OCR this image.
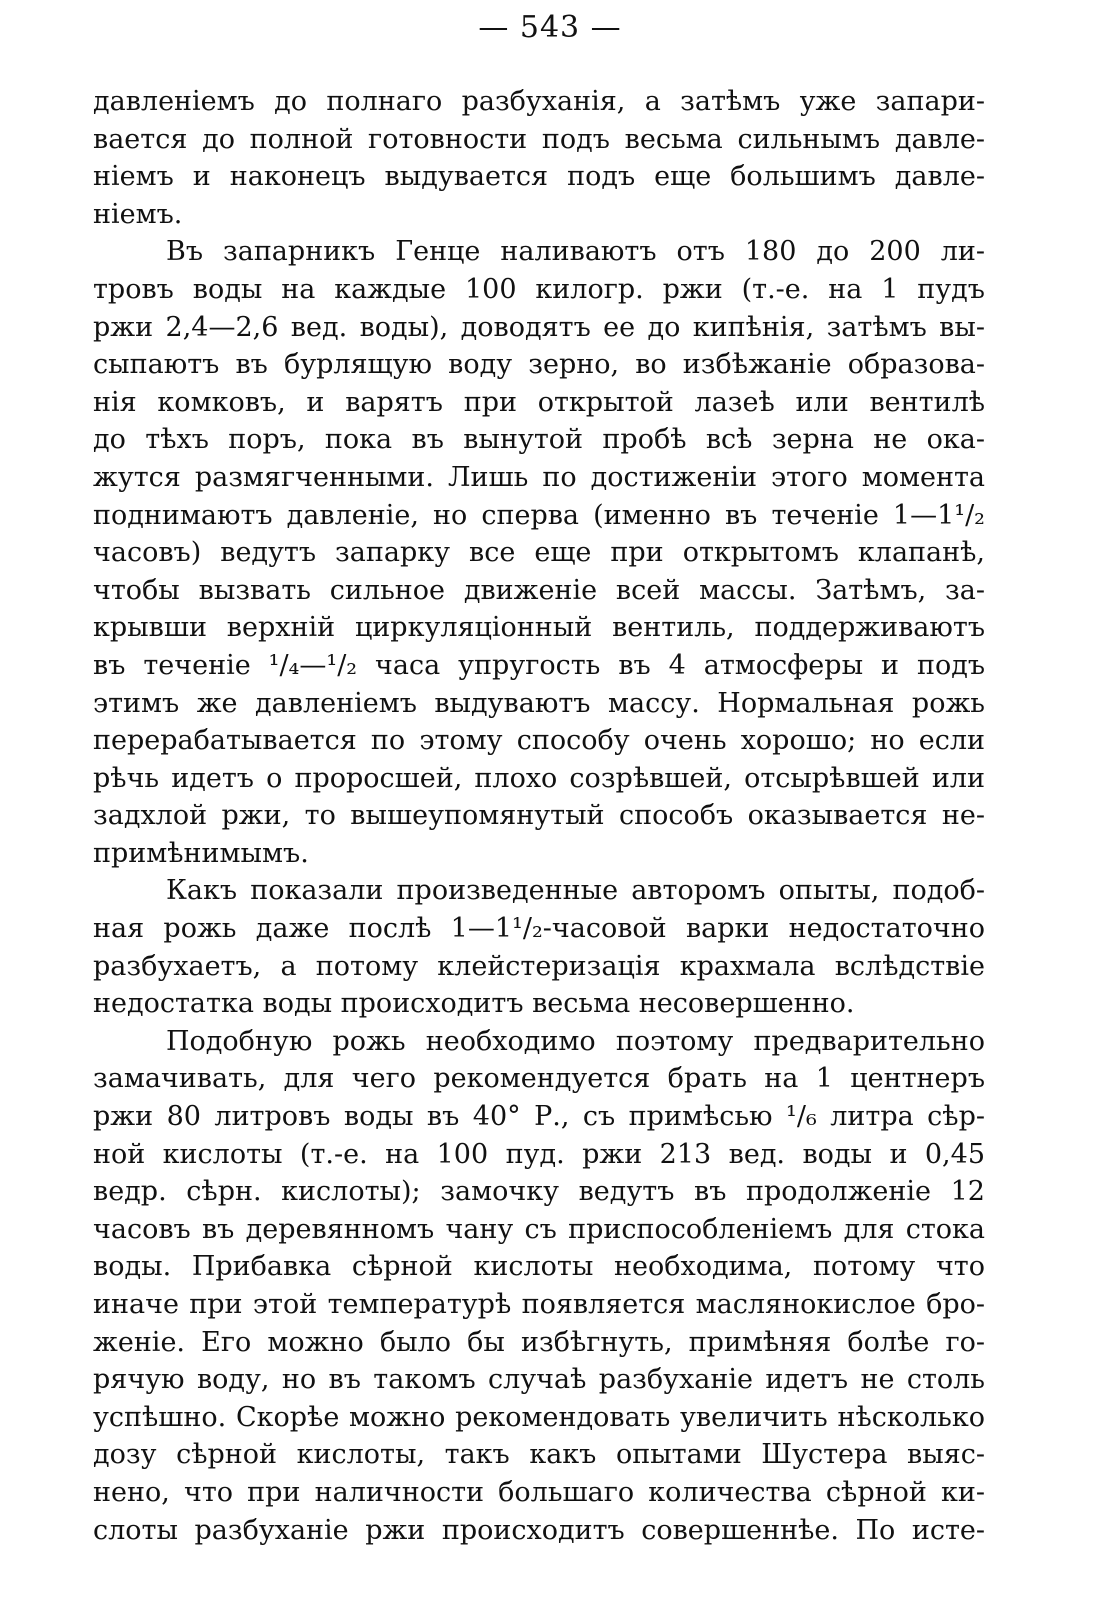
— 543 —
давленіемъ до полнаго разбуханія, а затѣмъ уже запари-
вается до полной готовности подъ весьма сильнымъ давле-
ніемъ и наконецъ выдувается подъ еще большимъ давле-
ніемъ.
Въ запарникъ Генце наливаютъ отъ 180 до 200 ли-
тровъ воды на каждые 100 килогр. ржи (т.-е. на 1 пудъ
ржи 2,4—2,6 вед. воды), доводятъ ее до кипѣнія, затѣмъ вы-
сыпаютъ въ бурлящую воду зерно, во избѣжаніе образова-
нія комковъ, и варятъ при открытой лазеѣ или вентилѣ
до тѣхъ поръ, пока въ вынутой пробѣ всѣ зерна не ока-
жутся размягченными. Лишь по достиженіи этого момента
поднимаютъ давленіе, но сперва (именно въ теченіе 1—1¹/₂
часовъ) ведутъ запарку все еще при открытомъ клапанѣ,
чтобы вызвать сильное движеніе всей массы. Затѣмъ, за-
крывши верхній циркуляціонный вентиль, поддерживаютъ
въ теченіе ¹/₄—¹/₂ часа упругость въ 4 атмосферы и подъ
этимъ же давленіемъ выдуваютъ массу. Нормальная рожь
перерабатывается по этому способу очень хорошо; но если
рѣчь идетъ о проросшей, плохо созрѣвшей, отсырѣвшей или
задхлой ржи, то вышеупомянутый способъ оказывается не-
примѣнимымъ.
Какъ показали произведенные авторомъ опыты, подоб-
ная рожь даже послѣ 1—1¹/₂-часовой варки недостаточно
разбухаетъ, а потому клейстеризація крахмала вслѣдствіе
недостатка воды происходитъ весьма несовершенно.
Подобную рожь необходимо поэтому предварительно
замачивать, для чего рекомендуется брать на 1 центнеръ
ржи 80 литровъ воды въ 40° Р., съ примѣсью ¹/₆ литра сѣр-
ной кислоты (т.-е. на 100 пуд. ржи 213 вед. воды и 0,45
ведр. сѣрн. кислоты); замочку ведутъ въ продолженіе 12
часовъ въ деревянномъ чану съ приспособленіемъ для стока
воды. Прибавка сѣрной кислоты необходима, потому что
иначе при этой температурѣ появляется маслянокислое бро-
женіе. Его можно было бы избѣгнуть, примѣняя болѣе го-
рячую воду, но въ такомъ случаѣ разбуханіе идетъ не столь
успѣшно. Скорѣе можно рекомендовать увеличить нѣсколько
дозу сѣрной кислоты, такъ какъ опытами Шустера выяс-
нено, что при наличности большаго количества сѣрной ки-
слоты разбуханіе ржи происходитъ совершеннѣе. По исте-
